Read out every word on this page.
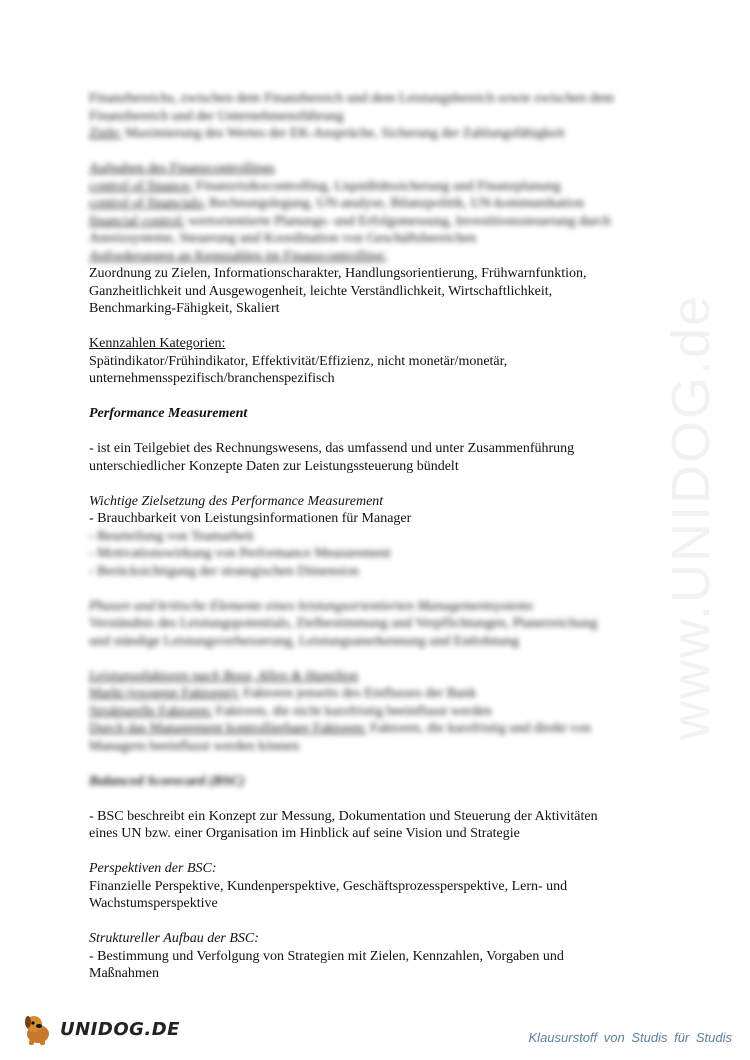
www.UNIDOG.de

Finanzbereichs, zwischen dem Finanzbereich und dem Leistungsbereich sowie zwischen dem

Finanzbereich und der Unternehmensführung

Ziele: Maximierung des Wertes der EK-Ansprüche, Sicherung der Zahlungsfähigkeit

Aufgaben des Finanzcontrollings

control of finance: Finanzrisikocontrolling, Liquiditätssicherung und Finanzplanung

control of financials: Rechnungslegung, UN-analyse, Bilanzpolitik, UN-kommunikation

financial control: wertorientierte Planungs- und Erfolgsmessung, Investitionssteuerung durch

Anreizsysteme, Steuerung und Koordination von Geschäftsbereichen

Anforderungen an Kennzahlen im Finanzcontrolling:

Zuordnung zu Zielen, Informationscharakter, Handlungsorientierung, Frühwarnfunktion,

Ganzheitlichkeit und Ausgewogenheit, leichte Verständlichkeit, Wirtschaftlichkeit,

Benchmarking-Fähigkeit, Skaliert

Kennzahlen Kategorien:

Spätindikator/Frühindikator, Effektivität/Effizienz, nicht monetär/monetär,

unternehmensspezifisch/branchenspezifisch

Performance Measurement

- ist ein Teilgebiet des Rechnungswesens, das umfassend und unter Zusammenführung

unterschiedlicher Konzepte Daten zur Leistungssteuerung bündelt

Wichtige Zielsetzung des Performance Measurement

- Brauchbarkeit von Leistungsinformationen für Manager

- Beurteilung von Teamarbeit

- Motivationswirkung von Performance Measurement

- Berücksichtigung der strategischen Dimension

Phasen und kritische Elemente eines leistungsorientierten Managementsystems

Verständnis des Leistungspotentials, Zielbestimmung und Verpflichtungen, Planerreichung

und ständige Leistungsverbesserung, Leistungsanerkennung und Entlohnung

Leistungsfaktoren nach Booz, Allen & Hamilton

Markt (exogene Faktoren): Faktoren jenseits des Einflusses der Bank

Strukturelle Faktoren: Faktoren, die nicht kurzfristig beeinflusst werden

Durch das Management kontrollierbare Faktoren: Faktoren, die kurzfristig und direkt von

Managern beeinflusst werden können

Balanced Scorecard (BSC)

- BSC beschreibt ein Konzept zur Messung, Dokumentation und Steuerung der Aktivitäten

eines UN bzw. einer Organisation im Hinblick auf seine Vision und Strategie

Perspektiven der BSC:

Finanzielle Perspektive, Kundenperspektive, Geschäftsprozessperspektive, Lern- und

Wachstumsperspektive

Struktureller Aufbau der BSC:

- Bestimmung und Verfolgung von Strategien mit Zielen, Kennzahlen, Vorgaben und

Maßnahmen

UNIDOG.DE	Klausurstoff von Studis für Studis
